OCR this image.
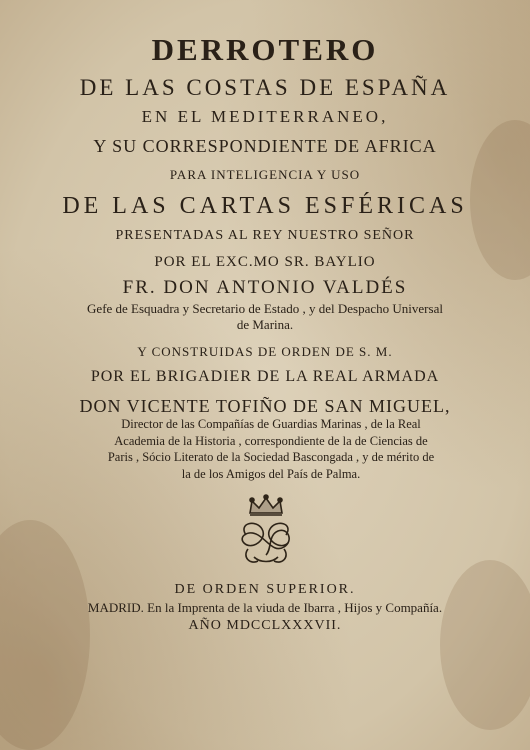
DERROTERO
DE LAS COSTAS DE ESPAÑA
EN EL MEDITERRANEO,
Y SU CORRESPONDIENTE DE AFRICA
PARA INTELIGENCIA Y USO
DE LAS CARTAS ESFÉRICAS
PRESENTADAS AL REY NUESTRO SEÑOR
POR EL EXC.MO SR. BAYLIO
FR. DON ANTONIO VALDÉS
Gefe de Esquadra y Secretario de Estado , y del Despacho Universal
de Marina.
Y CONSTRUIDAS DE ORDEN DE S. M.
POR EL BRIGADIER DE LA REAL ARMADA
DON VICENTE TOFIÑO DE SAN MIGUEL,
Director de las Compañías de Guardias Marinas , de la Real
Academia de la Historia , correspondiente de la de Ciencias de
Paris , Sócio Literato de la Sociedad Bascongada , y de mérito de
la de los Amigos del País de Palma.
DE ORDEN SUPERIOR.
MADRID. En la Imprenta de la viuda de Ibarra , Hijos y Compañía.
AÑO MDCCLXXXVII.
